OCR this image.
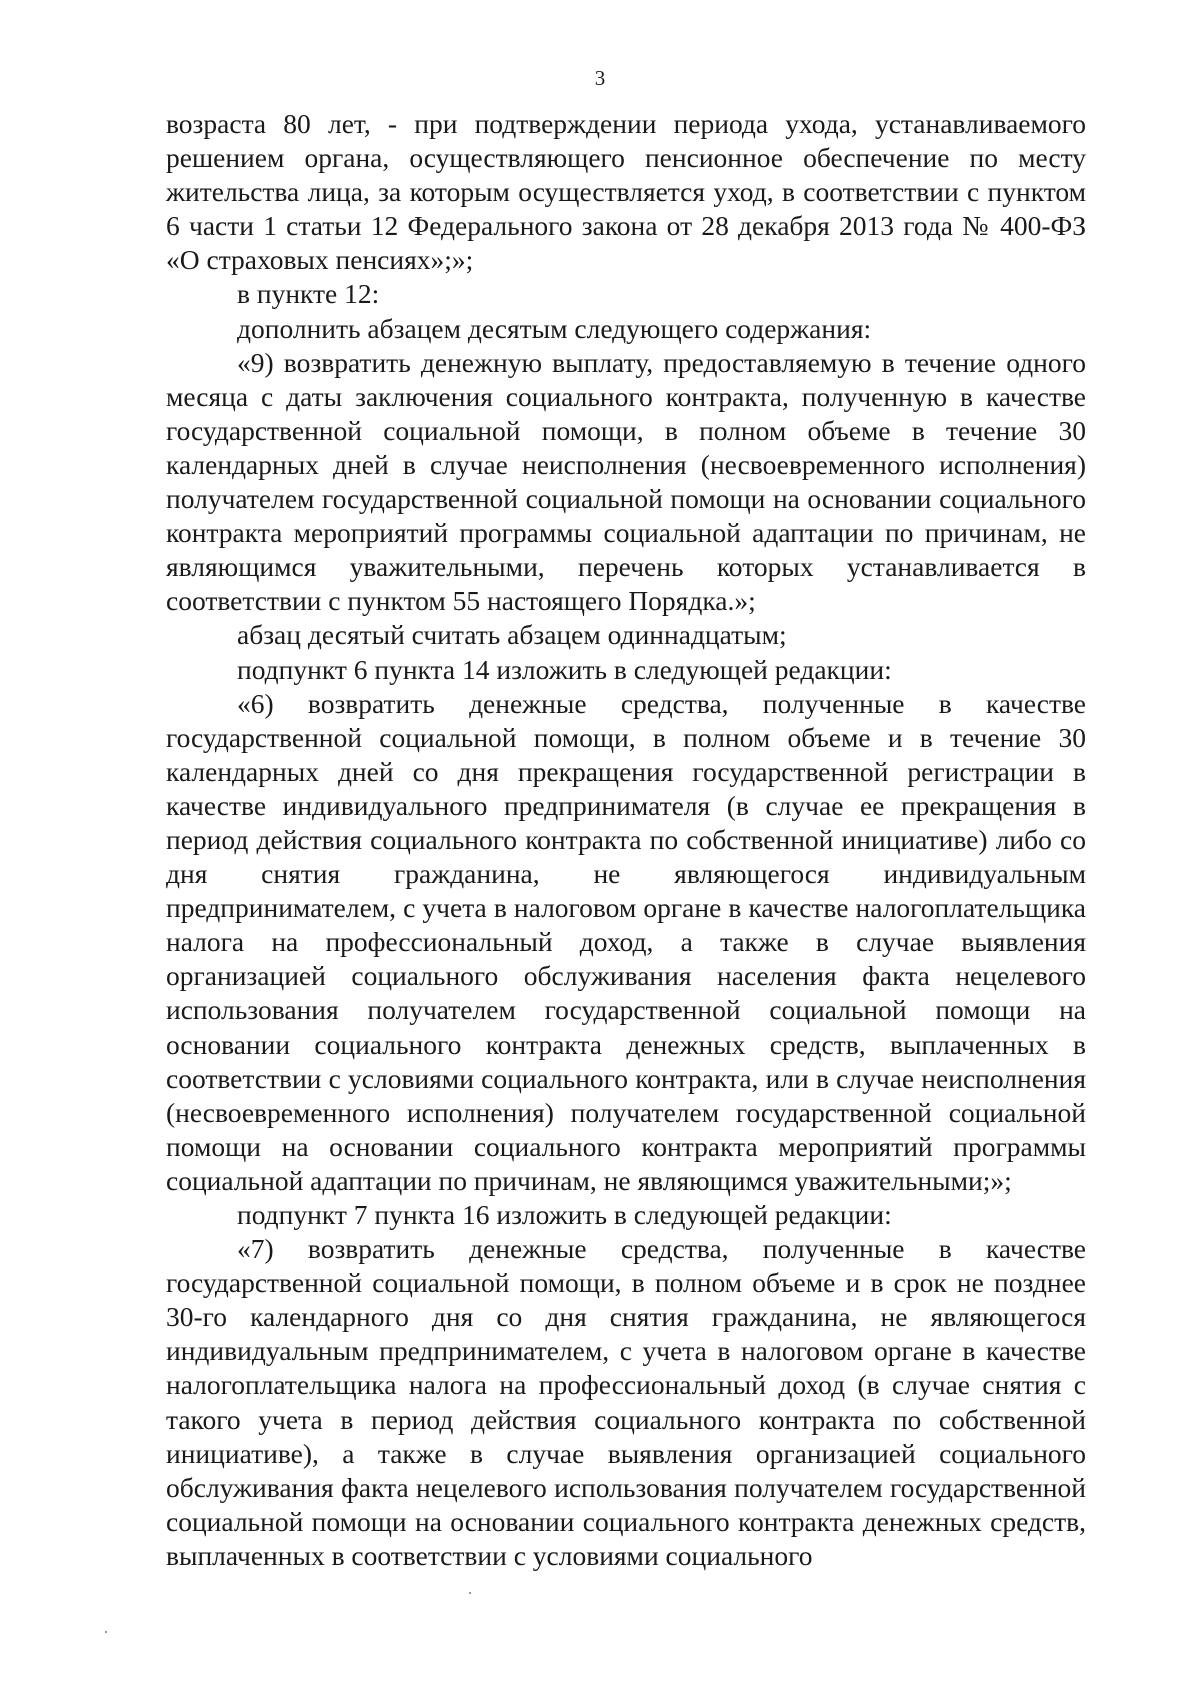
3

возраста 80 лет, - при подтверждении периода ухода, устанавливаемого решением органа, осуществляющего пенсионное обеспечение по месту жительства лица, за которым осуществляется уход, в соответствии с пунктом 6 части 1 статьи 12 Федерального закона от 28 декабря 2013 года № 400-ФЗ «О страховых пенсиях»;»;

в пункте 12:

дополнить абзацем десятым следующего содержания:

«9) возвратить денежную выплату, предоставляемую в течение одного месяца с даты заключения социального контракта, полученную в качестве государственной социальной помощи, в полном объеме в течение 30 календарных дней в случае неисполнения (несвоевременного исполнения) получателем государственной социальной помощи на основании социального контракта мероприятий программы социальной адаптации по причинам, не являющимся уважительными, перечень которых устанавливается в соответствии с пунктом 55 настоящего Порядка.»;

абзац десятый считать абзацем одиннадцатым;

подпункт 6 пункта 14 изложить в следующей редакции:

«6) возвратить денежные средства, полученные в качестве государственной социальной помощи, в полном объеме и в течение 30 календарных дней со дня прекращения государственной регистрации в качестве индивидуального предпринимателя (в случае ее прекращения в период действия социального контракта по собственной инициативе) либо со дня снятия гражданина, не являющегося индивидуальным предпринимателем, с учета в налоговом органе в качестве налогоплательщика налога на профессиональный доход, а также в случае выявления организацией социального обслуживания населения факта нецелевого использования получателем государственной социальной помощи на основании социального контракта денежных средств, выплаченных в соответствии с условиями социального контракта, или в случае неисполнения (несвоевременного исполнения) получателем государственной социальной помощи на основании социального контракта мероприятий программы социальной адаптации по причинам, не являющимся уважительными;»;

подпункт 7 пункта 16 изложить в следующей редакции:

«7) возвратить денежные средства, полученные в качестве государственной социальной помощи, в полном объеме и в срок не позднее 30-го календарного дня со дня снятия гражданина, не являющегося индивидуальным предпринимателем, с учета в налоговом органе в качестве налогоплательщика налога на профессиональный доход (в случае снятия с такого учета в период действия социального контракта по собственной инициативе), а также в случае выявления организацией социального обслуживания факта нецелевого использования получателем государственной социальной помощи на основании социального контракта денежных средств, выплаченных в соответствии с условиями социального
